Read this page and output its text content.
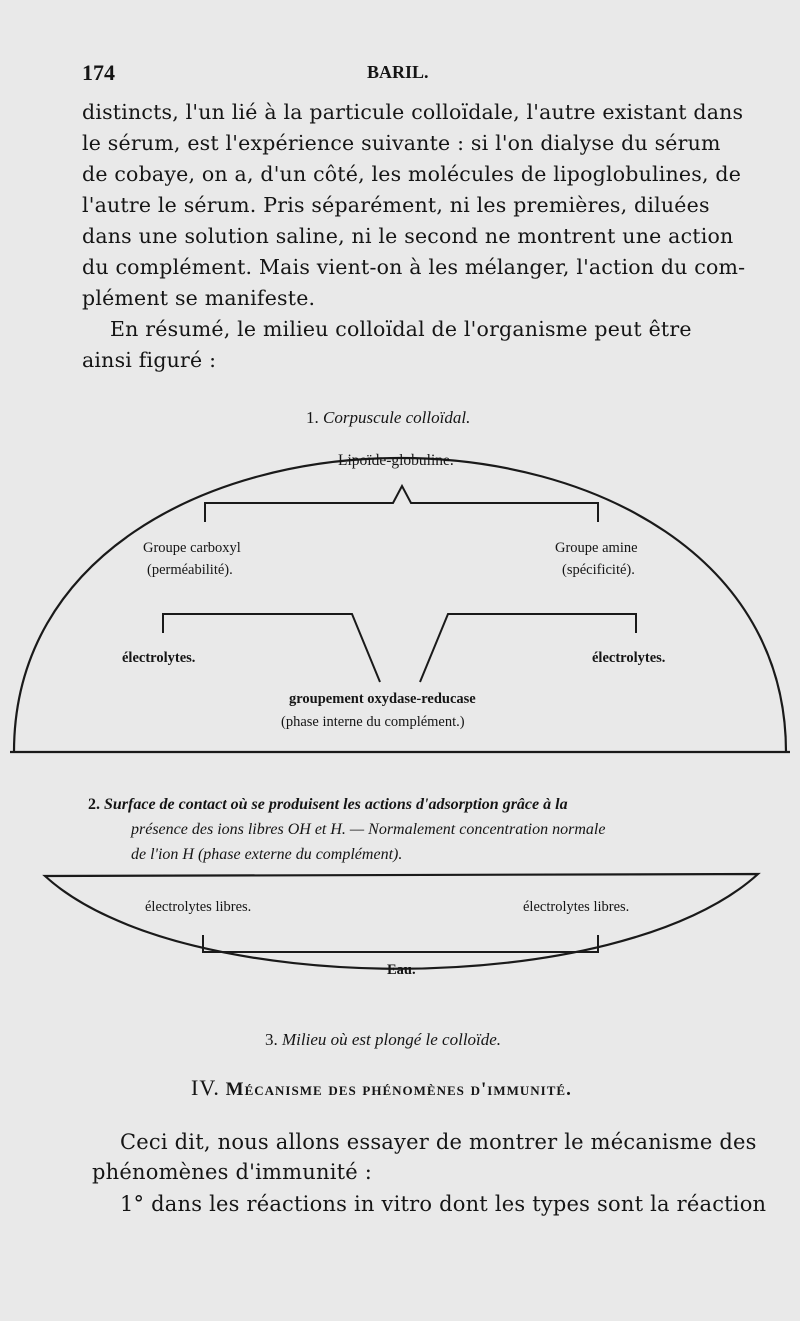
174	BARIL.
distincts, l'un lié à la particule colloïdale, l'autre existant dans
le sérum, est l'expérience suivante : si l'on dialyse du sérum
de cobaye, on a, d'un côté, les molécules de lipoglobulines, de
l'autre le sérum. Pris séparément, ni les premières, diluées
dans une solution saline, ni le second ne montrent une action
du complément. Mais vient-on à les mélanger, l'action du com-
plément se manifeste.
En résumé, le milieu colloïdal de l'organisme peut être
ainsi figuré :
1. Corpuscule colloïdal.
Lipoïde-globuline.
Groupe carboxyl
(perméabilité).
Groupe amine
(spécificité).
électrolytes.	électrolytes.
groupement oxydase-reducase
(phase interne du complément.)
2. Surface de contact où se produisent les actions d'adsorption grâce à la
présence des ions libres OH et H. — Normalement concentration normale
de l'ion H (phase externe du complément).
électrolytes libres.	électrolytes libres.
Eau.
3. Milieu où est plongé le colloïde.
IV. Mécanisme des phénomènes d'immunité.
Ceci dit, nous allons essayer de montrer le mécanisme des
phénomènes d'immunité :
1° dans les réactions in vitro dont les types sont la réaction
